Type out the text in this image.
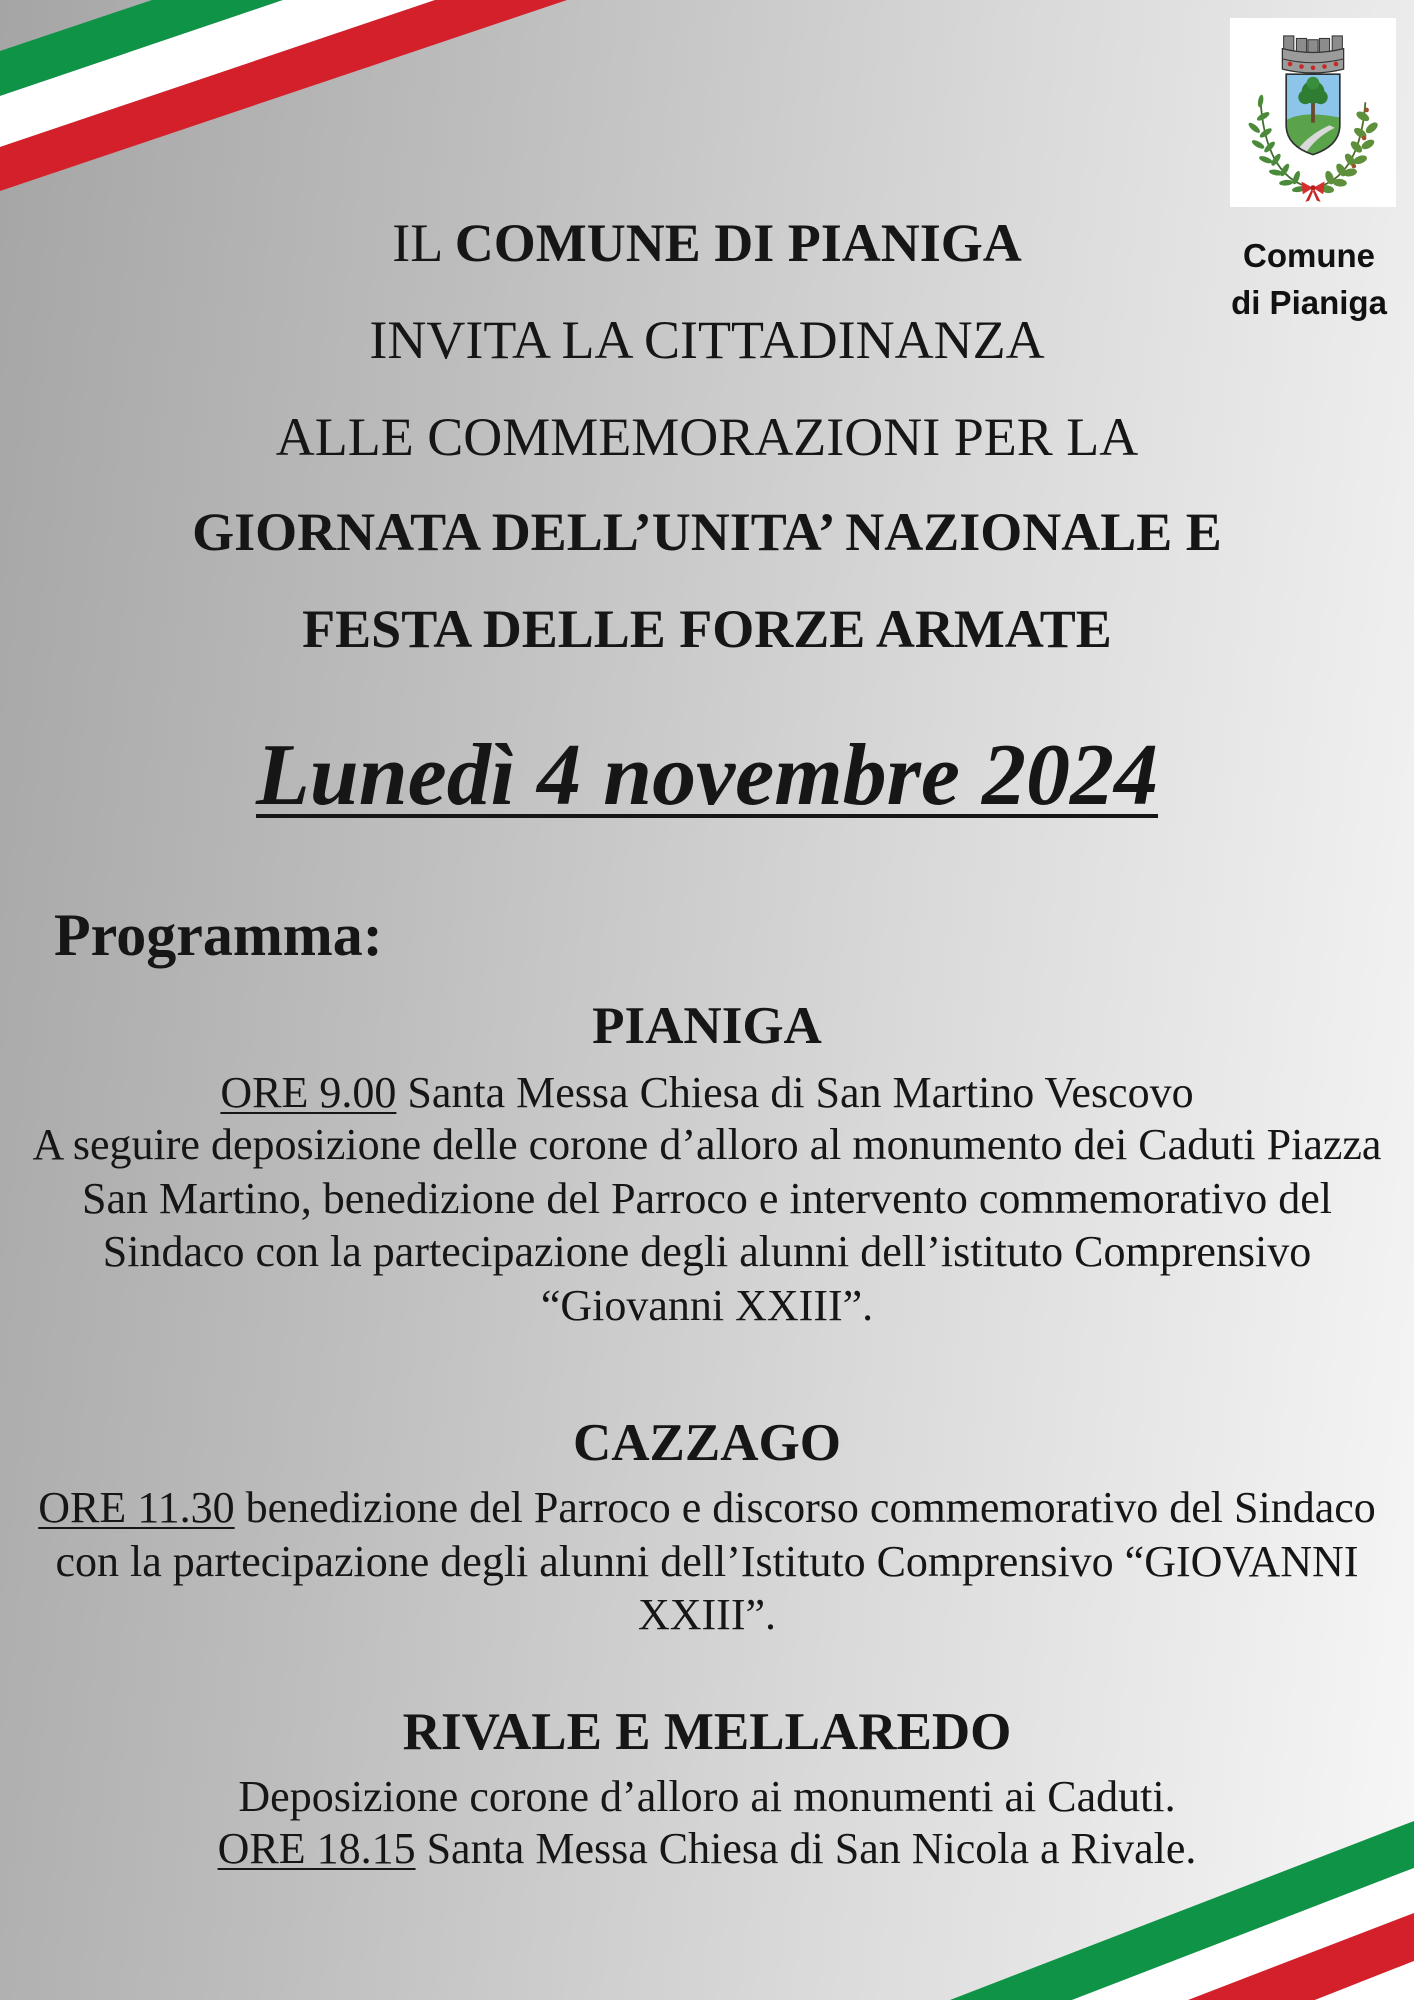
Comune
di Pianiga
IL COMUNE DI PIANIGA
INVITA LA CITTADINANZA
ALLE COMMEMORAZIONI PER LA
GIORNATA DELL’UNITA’ NAZIONALE E
FESTA DELLE FORZE ARMATE
Lunedì 4 novembre 2024
Programma:
PIANIGA
ORE 9.00 Santa Messa Chiesa di San Martino Vescovo
A seguire deposizione delle corone d’alloro al monumento dei Caduti Piazza
San Martino, benedizione del Parroco e intervento commemorativo del
Sindaco con la partecipazione degli alunni dell’istituto Comprensivo
“Giovanni XXIII”.
CAZZAGO
ORE 11.30 benedizione del Parroco e discorso commemorativo del Sindaco
con la partecipazione degli alunni dell’Istituto Comprensivo “GIOVANNI
XXIII”.
RIVALE E MELLAREDO
Deposizione corone d’alloro ai monumenti ai Caduti.
ORE 18.15 Santa Messa Chiesa di San Nicola a Rivale.
